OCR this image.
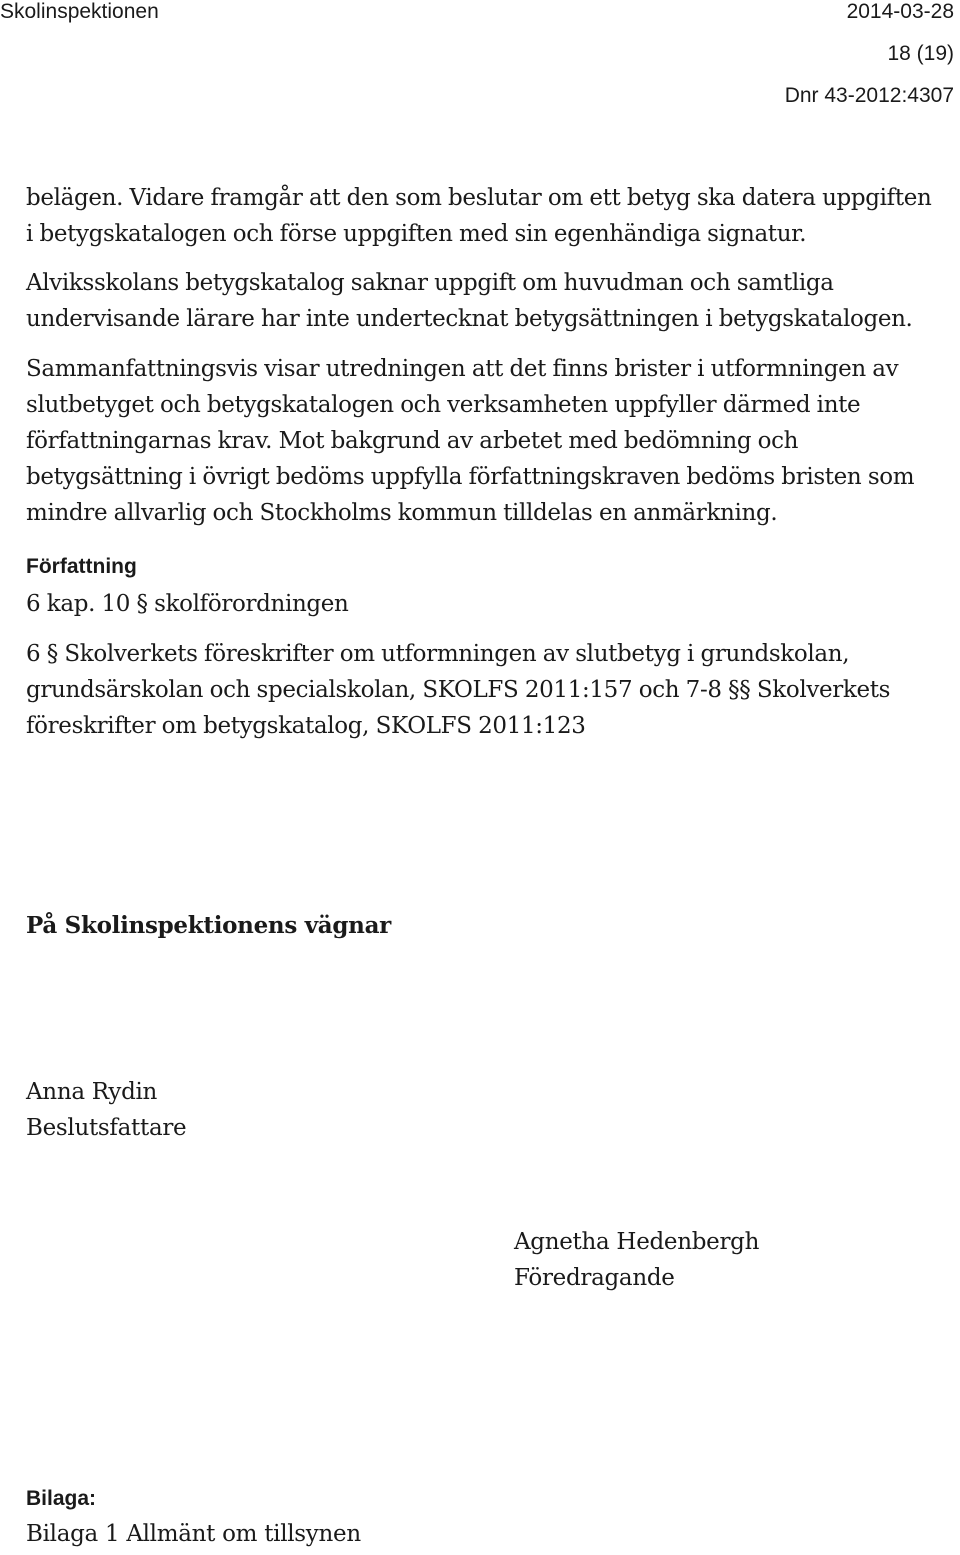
Skolinspektionen	2014-03-28
18 (19)
Dnr 43-2012:4307

belägen. Vidare framgår att den som beslutar om ett betyg ska datera uppgiften i betygskatalogen och förse uppgiften med sin egenhändiga signatur.

Alviksskolans betygskatalog saknar uppgift om huvudman och samtliga undervisande lärare har inte undertecknat betygsättningen i betygskatalogen.

Sammanfattningsvis visar utredningen att det finns brister i utformningen av slutbetyget och betygskatalogen och verksamheten uppfyller därmed inte författningarnas krav. Mot bakgrund av arbetet med bedömning och betygsättning i övrigt bedöms uppfylla författningskraven bedöms bristen som mindre allvarlig och Stockholms kommun tilldelas en anmärkning.

Författning

6 kap. 10 § skolförordningen

6 § Skolverkets föreskrifter om utformningen av slutbetyg i grundskolan, grundsärskolan och specialskolan, SKOLFS 2011:157 och 7-8 §§ Skolverkets föreskrifter om betygskatalog, SKOLFS 2011:123

På Skolinspektionens vägnar

Anna Rydin

Beslutsfattare

Agnetha Hedenbergh

Föredragande

Bilaga:

Bilaga 1 Allmänt om tillsynen
